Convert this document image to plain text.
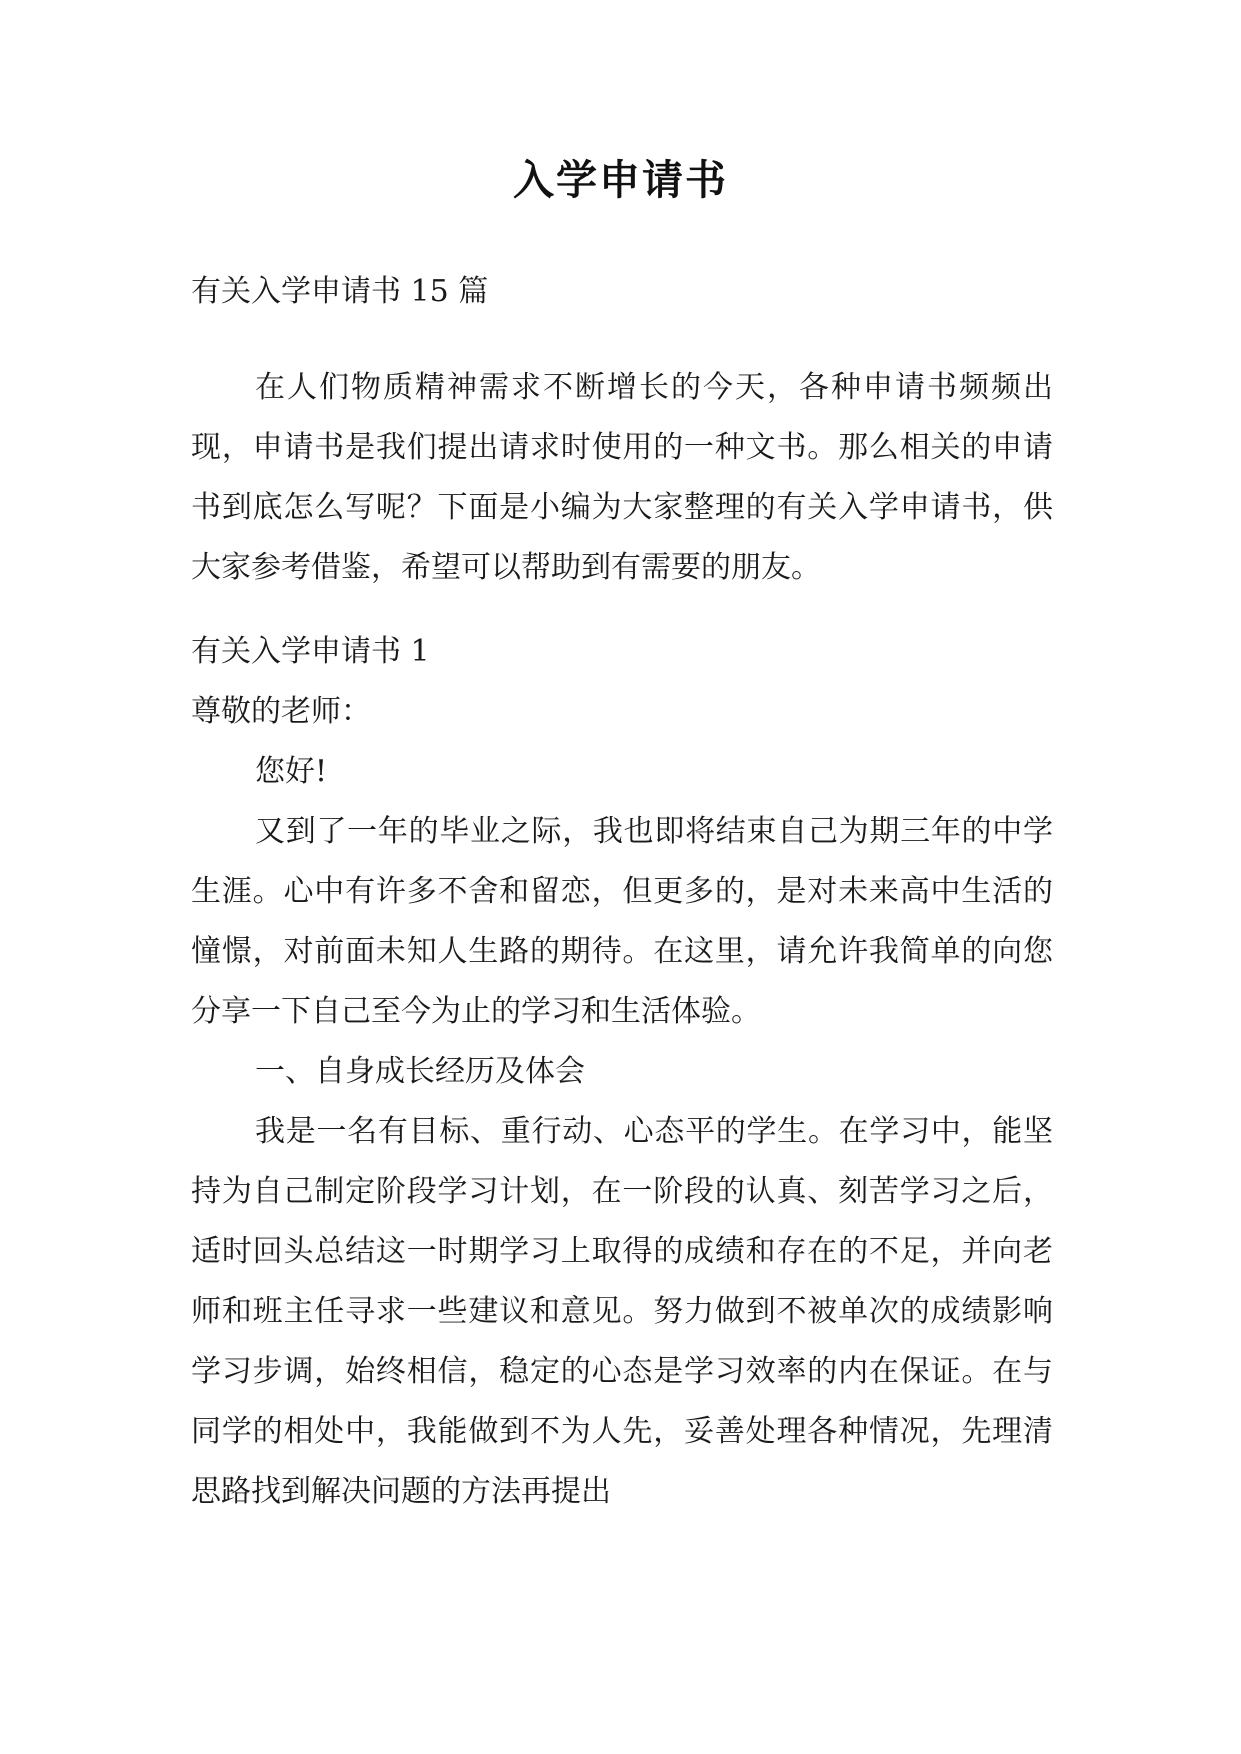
入学申请书

有关入学申请书 15 篇

在人们物质精神需求不断增长的今天，各种申请书频频出现，申请书是我们提出请求时使用的一种文书。那么相关的申请书到底怎么写呢？下面是小编为大家整理的有关入学申请书，供大家参考借鉴，希望可以帮助到有需要的朋友。

有关入学申请书 1

尊敬的老师：

您好!

又到了一年的毕业之际，我也即将结束自己为期三年的中学生涯。心中有许多不舍和留恋，但更多的，是对未来高中生活的憧憬，对前面未知人生路的期待。在这里，请允许我简单的向您分享一下自己至今为止的学习和生活体验。

一、自身成长经历及体会

我是一名有目标、重行动、心态平的学生。在学习中，能坚持为自己制定阶段学习计划，在一阶段的认真、刻苦学习之后，适时回头总结这一时期学习上取得的成绩和存在的不足，并向老师和班主任寻求一些建议和意见。努力做到不被单次的成绩影响学习步调，始终相信，稳定的心态是学习效率的内在保证。在与同学的相处中，我能做到不为人先，妥善处理各种情况，先理清思路找到解决问题的方法再提出
